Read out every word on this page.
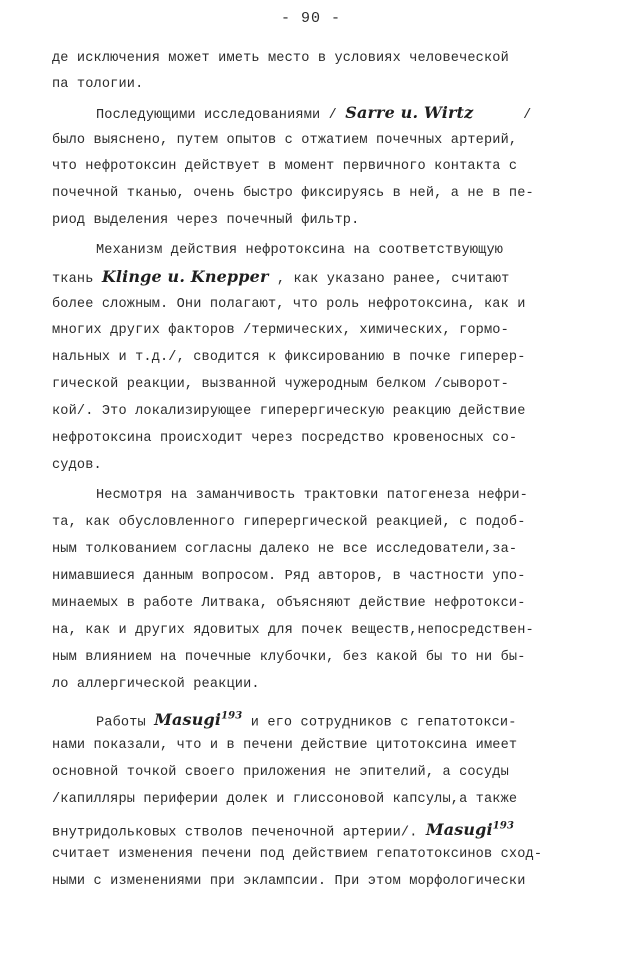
- 90 -
де исключения может иметь место в условиях человеческой
па тологии.
Последующими исследованиями / Sarre u. Wirtz      /
было выяснено, путем опытов с отжатием почечных артерий,
что нефротоксин действует в момент первичного контакта с
почечной тканью, очень быстро фиксируясь в ней, а не в пе-
риод выделения через почечный фильтр.
Механизм действия нефротоксина на соответствующую
ткань Klinge u. Knepper , как указано ранее, считают
более сложным. Они полагают, что роль нефротоксина, как и
многих других факторов /термических, химических, гормо-
нальных и т.д./, сводится к фиксированию в почке гиперер-
гической реакции, вызванной чужеродным белком /сыворот-
кой/. Это локализирующее гиперергическую реакцию действие
нефротоксина происходит через посредство кровеносных со-
судов.
Несмотря на заманчивость трактовки патогенеза нефри-
та, как обусловленного гиперергической реакцией, с подоб-
ным толкованием согласны далеко не все исследователи,за-
нимавшиеся данным вопросом. Ряд авторов, в частности упо-
минаемых в работе Литвака, объясняют действие нефротокси-
на, как и других ядовитых для почек веществ,непосредствен-
ным влиянием на почечные клубочки, без какой бы то ни бы-
ло аллергической реакции.
Работы Masugi$^{193}$ и его сотрудников с гепатотокси-
нами показали, что и в печени действие цитотоксина имеет
основной точкой своего приложения не эпителий, а сосуды
/капилляры периферии долек и глиссоновой капсулы,а также
внутридольковых стволов печеночной артерии/. Masugi$^{193}$
считает изменения печени под действием гепатотоксинов сход-
ными с изменениями при эклампсии. При этом морфологически
